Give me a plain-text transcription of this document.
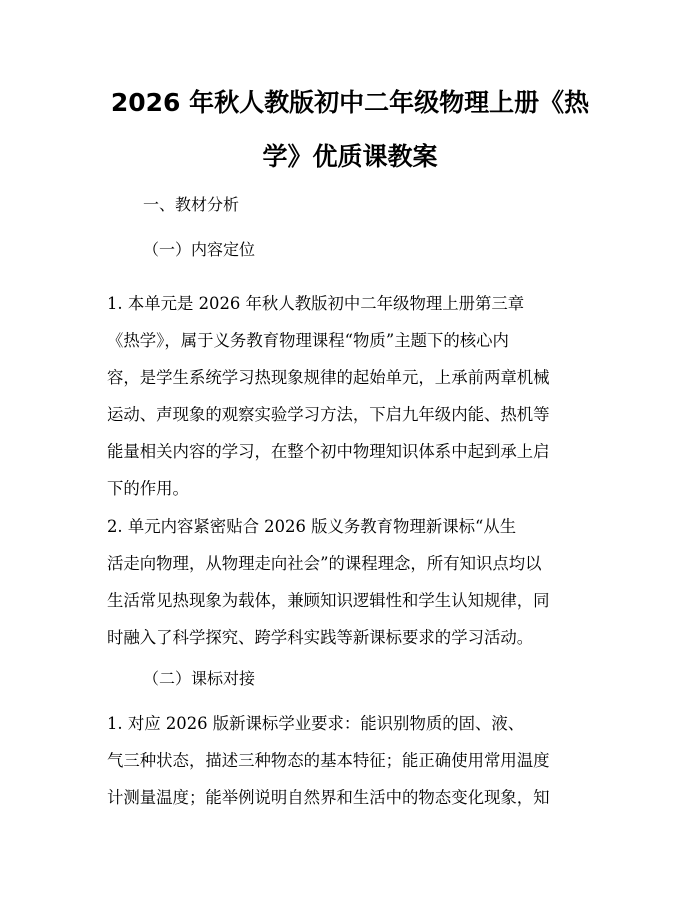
2026 年秋人教版初中二年级物理上册《热
学》优质课教案

一、教材分析

（一）内容定位

1. 本单元是 2026 年秋人教版初中二年级物理上册第三章
《热学》，属于义务教育物理课程“物质”主题下的核心内
容，是学生系统学习热现象规律的起始单元，上承前两章机械
运动、声现象的观察实验学习方法，下启九年级内能、热机等
能量相关内容的学习，在整个初中物理知识体系中起到承上启
下的作用。
2. 单元内容紧密贴合 2026 版义务教育物理新课标“从生
活走向物理，从物理走向社会”的课程理念，所有知识点均以
生活常见热现象为载体，兼顾知识逻辑性和学生认知规律，同
时融入了科学探究、跨学科实践等新课标要求的学习活动。

（二）课标对接

1. 对应 2026 版新课标学业要求：能识别物质的固、液、
气三种状态，描述三种物态的基本特征；能正确使用常用温度
计测量温度；能举例说明自然界和生活中的物态变化现象，知
